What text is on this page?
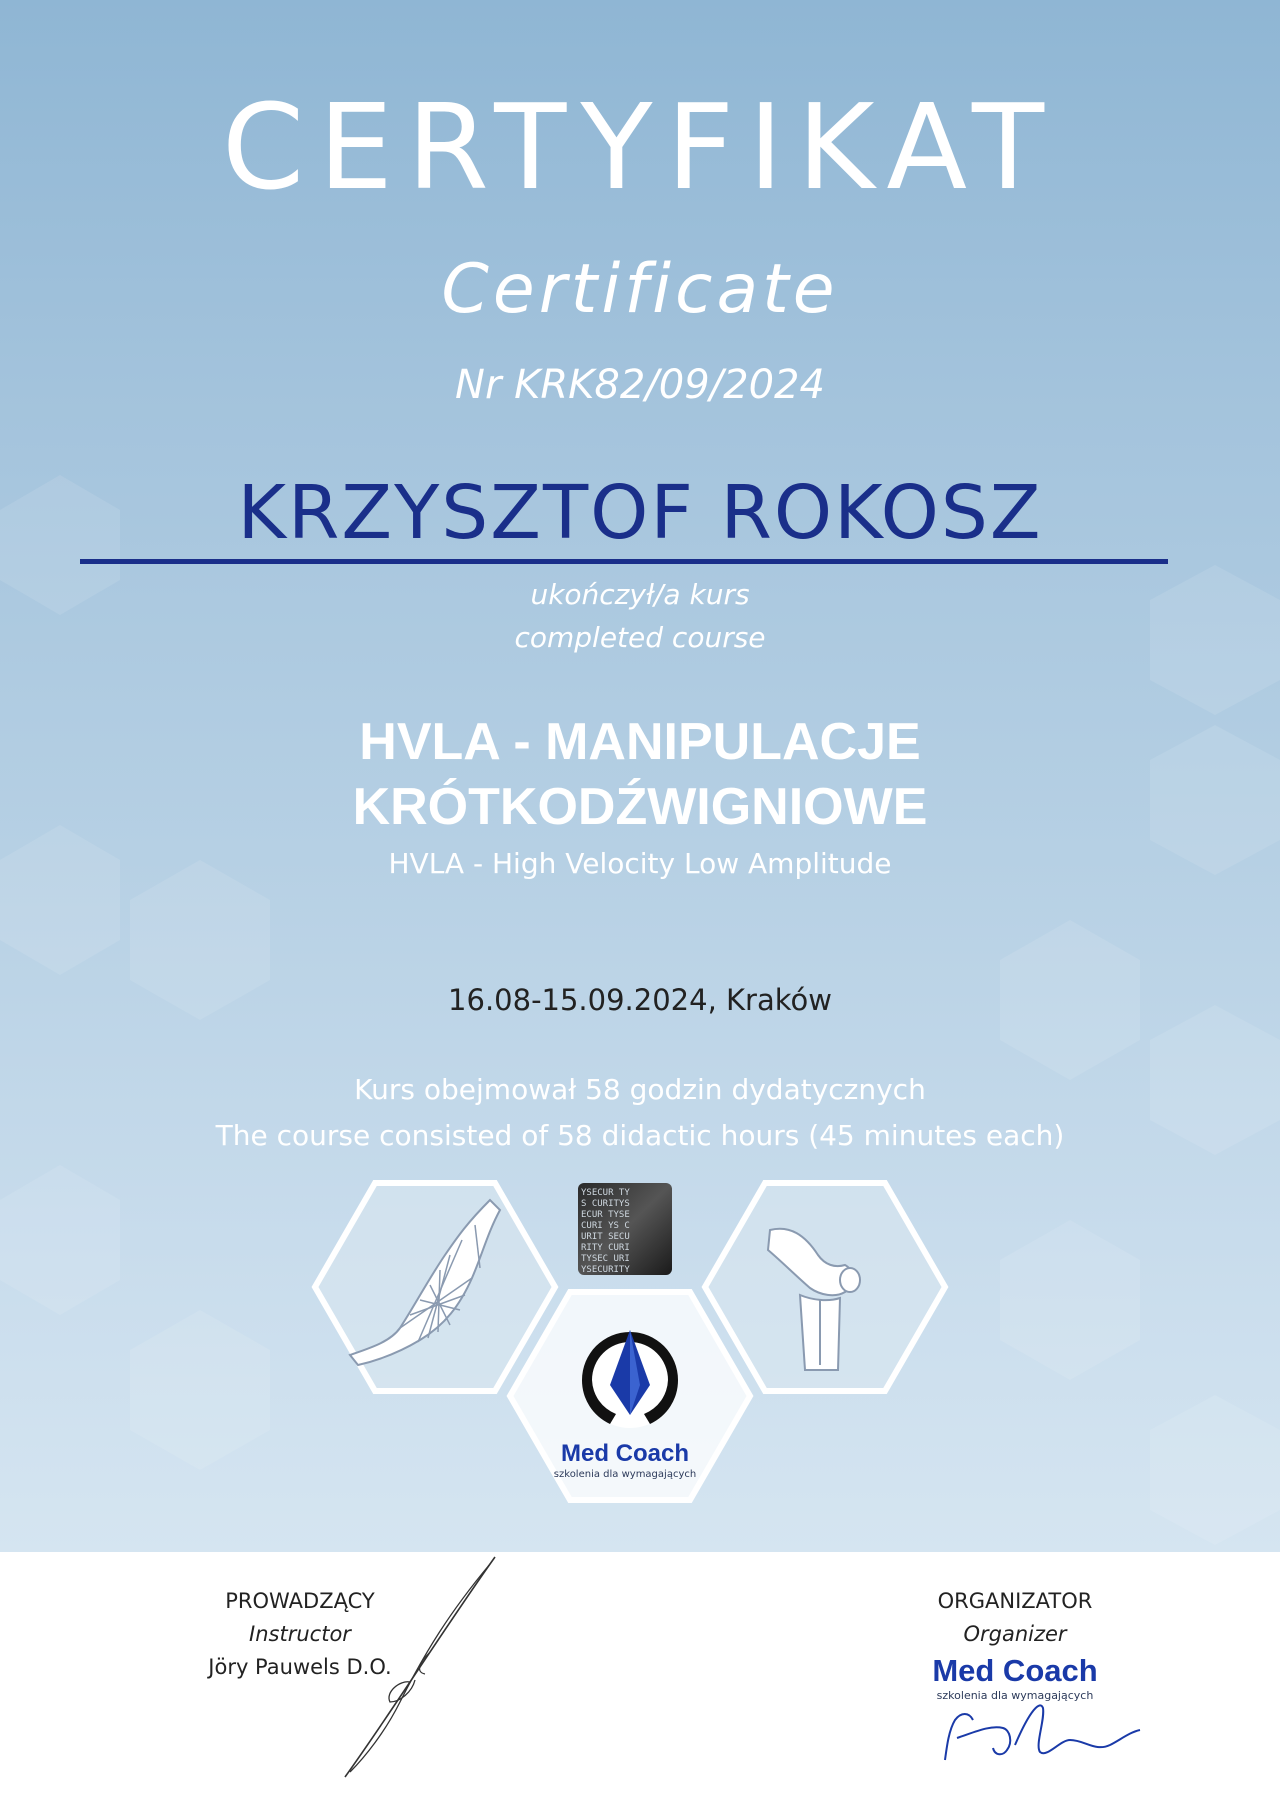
CERTYFIKAT
Certificate
Nr KRK82/09/2024
KRZYSZTOF ROKOSZ
ukończył/a kurs
completed course
HVLA - MANIPULACJE
KRÓTKODŹWIGNIOWE
HVLA - High Velocity Low Amplitude
16.08-15.09.2024, Kraków
Kurs obejmował 58 godzin dydatycznych
The course consisted of 58 didactic hours (45 minutes each)
YSECUR TY
S CURITYS
ECUR TYSE
CURI YS C
URIT SECU
RITY CURI
TYSEC URI
YSECURITY
Med Coach
szkolenia dla wymagających
PROWADZĄCY
Instructor
Jöry Pauwels D.O.
ORGANIZATOR
Organizer
Med Coach
szkolenia dla wymagających
